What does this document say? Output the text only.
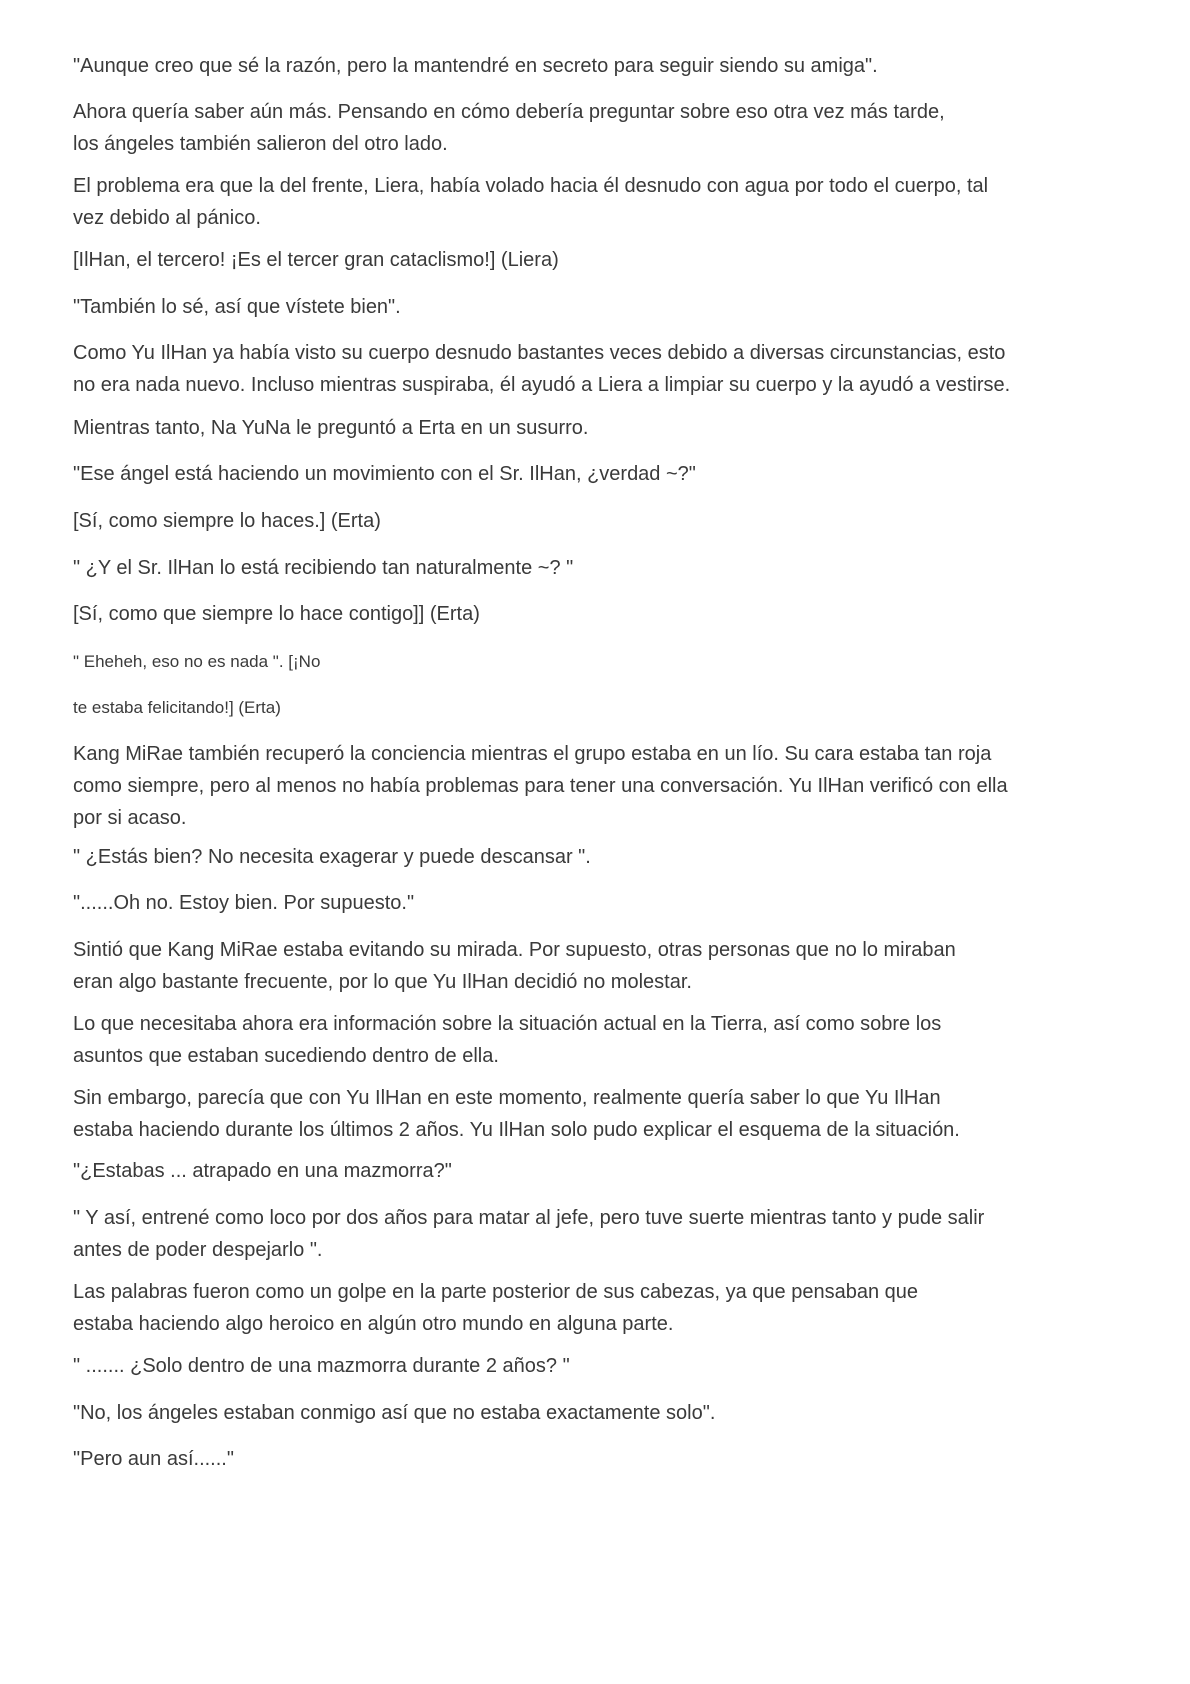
"Aunque creo que sé la razón, pero la mantendré en secreto para seguir siendo su amiga".

Ahora quería saber aún más. Pensando en cómo debería preguntar sobre eso otra vez más tarde,
los ángeles también salieron del otro lado.

El problema era que la del frente, Liera, había volado hacia él desnudo con agua por todo el cuerpo, tal
vez debido al pánico.

[IlHan, el tercero! ¡Es el tercer gran cataclismo!] (Liera)

"También lo sé, así que vístete bien".

Como Yu IlHan ya había visto su cuerpo desnudo bastantes veces debido a diversas circunstancias, esto
no era nada nuevo. Incluso mientras suspiraba, él ayudó a Liera a limpiar su cuerpo y la ayudó a vestirse.

Mientras tanto, Na YuNa le preguntó a Erta en un susurro.

"Ese ángel está haciendo un movimiento con el Sr. IlHan, ¿verdad ~?"

[Sí, como siempre lo haces.] (Erta)

" ¿Y el Sr. IlHan lo está recibiendo tan naturalmente ~? "

[Sí, como que siempre lo hace contigo]] (Erta)

" Eheheh, eso no es nada ". [¡No

te estaba felicitando!] (Erta)

Kang MiRae también recuperó la conciencia mientras el grupo estaba en un lío. Su cara estaba tan roja
como siempre, pero al menos no había problemas para tener una conversación. Yu IlHan verificó con ella
por si acaso.

" ¿Estás bien? No necesita exagerar y puede descansar ".

"......Oh no. Estoy bien. Por supuesto."

Sintió que Kang MiRae estaba evitando su mirada. Por supuesto, otras personas que no lo miraban
eran algo bastante frecuente, por lo que Yu IlHan decidió no molestar.

Lo que necesitaba ahora era información sobre la situación actual en la Tierra, así como sobre los
asuntos que estaban sucediendo dentro de ella.

Sin embargo, parecía que con Yu IlHan en este momento, realmente quería saber lo que Yu IlHan
estaba haciendo durante los últimos 2 años. Yu IlHan solo pudo explicar el esquema de la situación.

"¿Estabas ... atrapado en una mazmorra?"

" Y así, entrené como loco por dos años para matar al jefe, pero tuve suerte mientras tanto y pude salir
antes de poder despejarlo ".

Las palabras fueron como un golpe en la parte posterior de sus cabezas, ya que pensaban que
estaba haciendo algo heroico en algún otro mundo en alguna parte.

" ....... ¿Solo dentro de una mazmorra durante 2 años? "

"No, los ángeles estaban conmigo así que no estaba exactamente solo".

"Pero aun así......"
